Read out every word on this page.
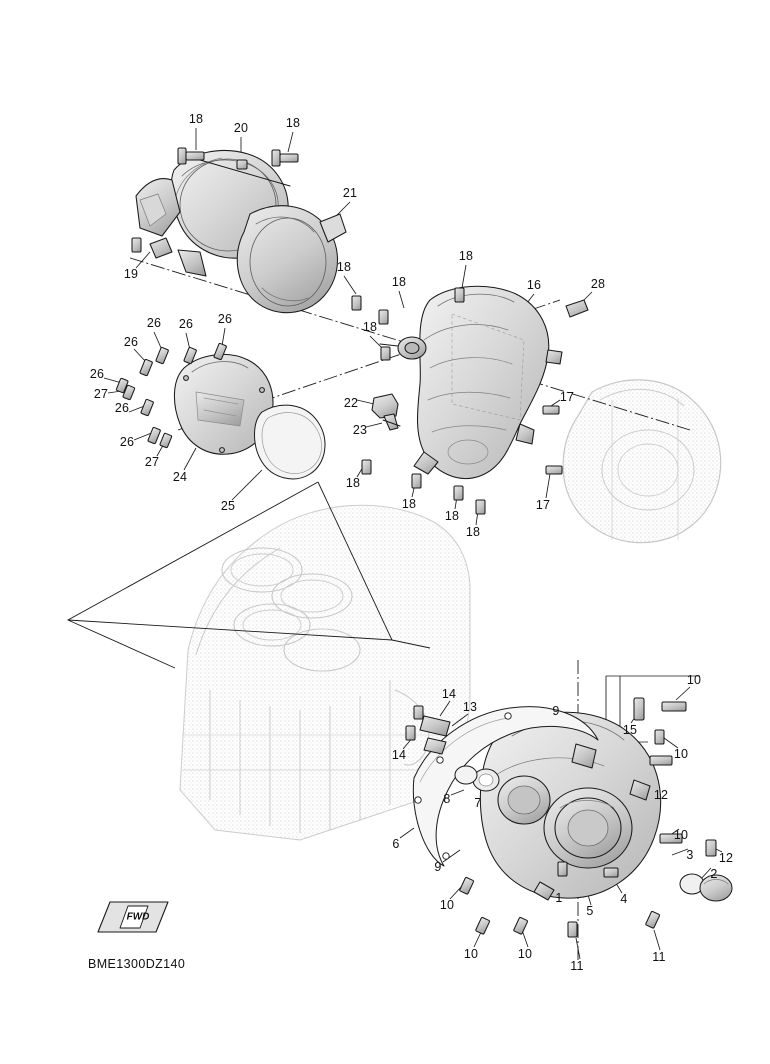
18
20	18
21
19	18
18
18
16	28
18
26 26 26
26
26
27
26
26
27
24
25
22
23
17
18
18
18
18
17
14
13
14
9
15
10
10
12
8 7
6
9
10
3 12
2
10	1
5
4
10	10
11
11
FWD
BME1300DZ140
